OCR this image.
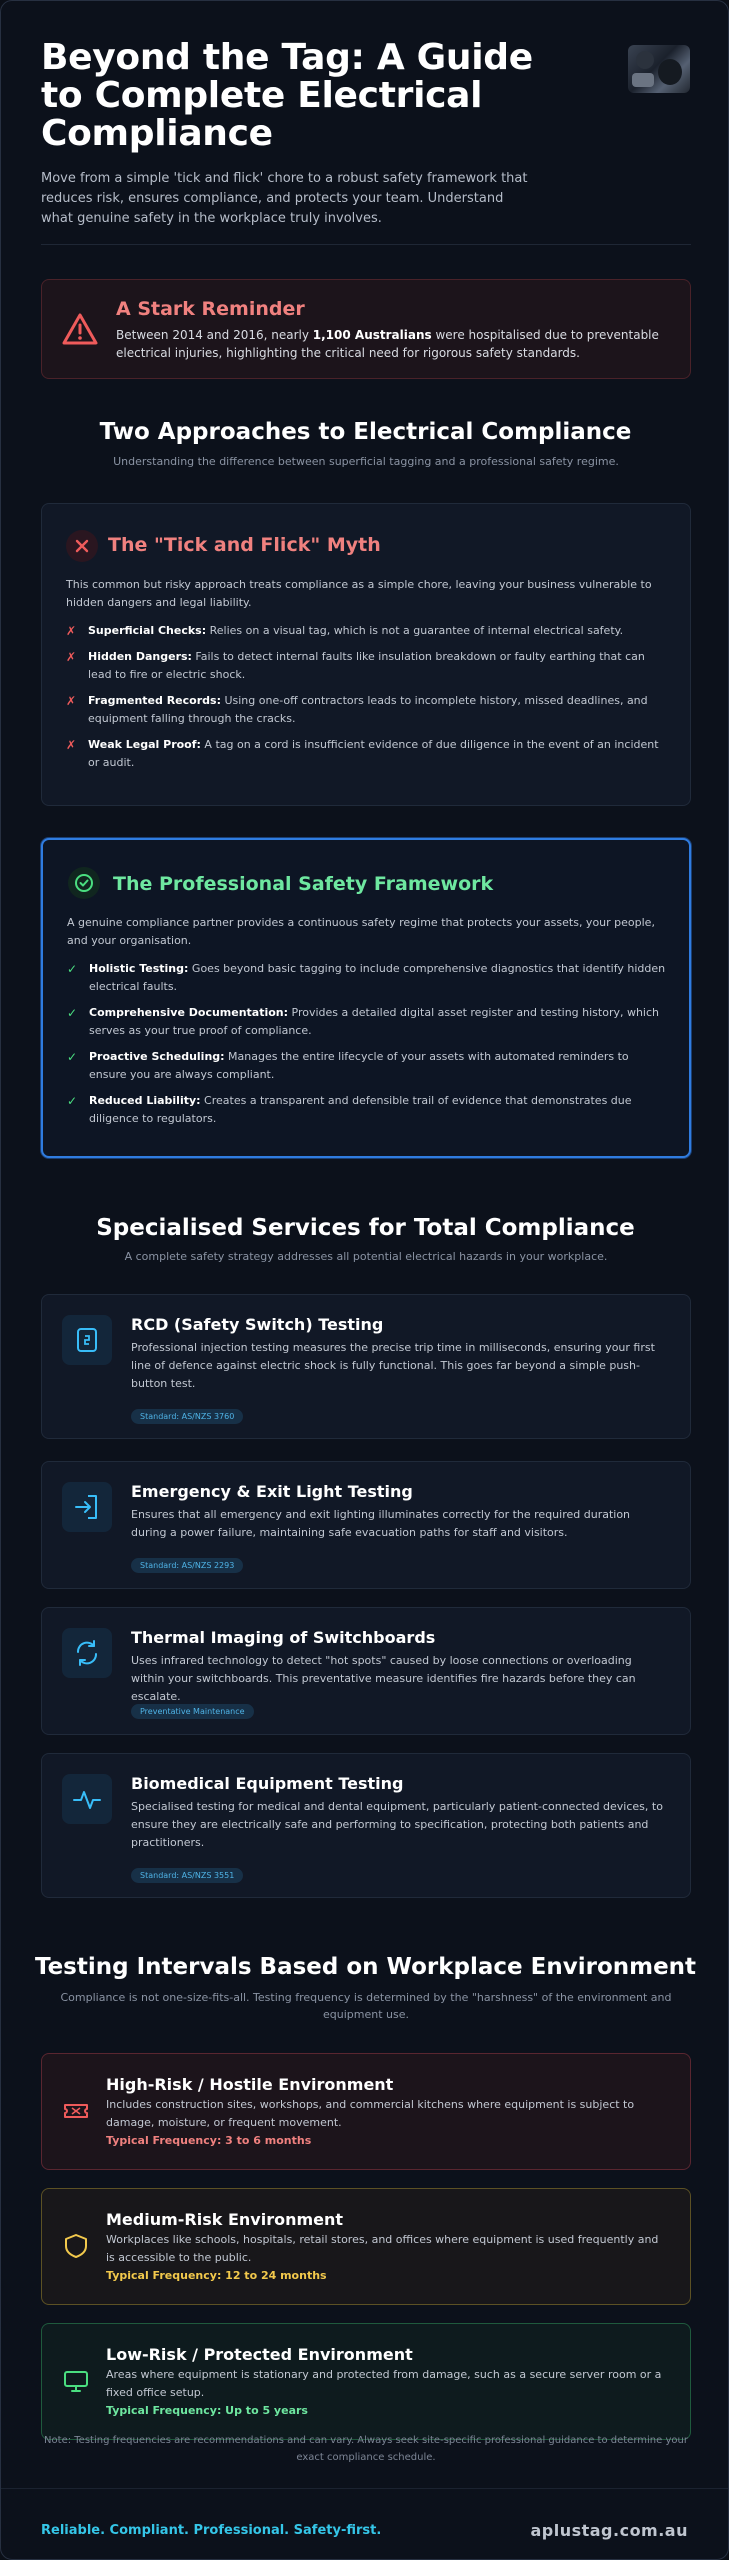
Beyond the Tag: A Guide to Complete Electrical Compliance

Move from a simple 'tick and flick' chore to a robust safety framework that reduces risk, ensures compliance, and protects your team. Understand what genuine safety in the workplace truly involves.

A Stark Reminder

Between 2014 and 2016, nearly 1,100 Australians were hospitalised due to preventable electrical injuries, highlighting the critical need for rigorous safety standards.

Two Approaches to Electrical Compliance
Understanding the difference between superficial tagging and a professional safety regime.
The "Tick and Flick" Myth

This common but risky approach treats compliance as a simple chore, leaving your business vulnerable to hidden dangers and legal liability.

✗ Superficial Checks: Relies on a visual tag, which is not a guarantee of internal electrical safety.
✗ Hidden Dangers: Fails to detect internal faults like insulation breakdown or faulty earthing that can lead to fire or electric shock.
✗ Fragmented Records: Using one-off contractors leads to incomplete history, missed deadlines, and equipment falling through the cracks.
✗ Weak Legal Proof: A tag on a cord is insufficient evidence of due diligence in the event of an incident or audit.
The Professional Safety Framework

A genuine compliance partner provides a continuous safety regime that protects your assets, your people, and your organisation.

✓ Holistic Testing: Goes beyond basic tagging to include comprehensive diagnostics that identify hidden electrical faults.
✓ Comprehensive Documentation: Provides a detailed digital asset register and testing history, which serves as your true proof of compliance.
✓ Proactive Scheduling: Manages the entire lifecycle of your assets with automated reminders to ensure you are always compliant.
✓ Reduced Liability: Creates a transparent and defensible trail of evidence that demonstrates due diligence to regulators.
Specialised Services for Total Compliance
A complete safety strategy addresses all potential electrical hazards in your workplace.
RCD (Safety Switch) Testing

Professional injection testing measures the precise trip time in milliseconds, ensuring your first line of defence against electric shock is fully functional. This goes far beyond a simple push-button test.

Standard: AS/NZS 3760
Emergency & Exit Light Testing

Ensures that all emergency and exit lighting illuminates correctly for the required duration during a power failure, maintaining safe evacuation paths for staff and visitors.

Standard: AS/NZS 2293
Thermal Imaging of Switchboards

Uses infrared technology to detect "hot spots" caused by loose connections or overloading within your switchboards. This preventative measure identifies fire hazards before they can escalate.

Preventative Maintenance
Biomedical Equipment Testing

Specialised testing for medical and dental equipment, particularly patient-connected devices, to ensure they are electrically safe and performing to specification, protecting both patients and practitioners.

Standard: AS/NZS 3551
Testing Intervals Based on Workplace Environment
Compliance is not one-size-fits-all. Testing frequency is determined by the "harshness" of the environment and equipment use.
High-Risk / Hostile Environment

Includes construction sites, workshops, and commercial kitchens where equipment is subject to damage, moisture, or frequent movement.

Typical Frequency: 3 to 6 months
Medium-Risk Environment

Workplaces like schools, hospitals, retail stores, and offices where equipment is used frequently and is accessible to the public.

Typical Frequency: 12 to 24 months
Low-Risk / Protected Environment

Areas where equipment is stationary and protected from damage, such as a secure server room or a fixed office setup.

Typical Frequency: Up to 5 years
Note: Testing frequencies are recommendations and can vary. Always seek site-specific professional guidance to determine your exact compliance schedule.
Reliable. Compliant. Professional. Safety-first.	aplustag.com.au
